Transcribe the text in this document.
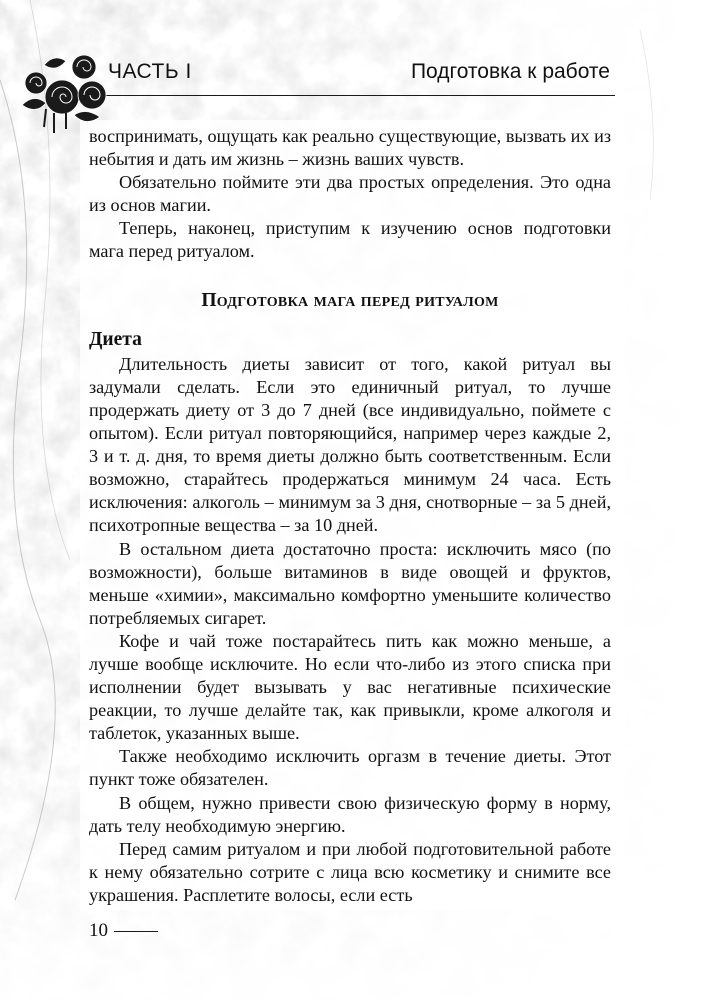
ЧАСТЬ I	Подготовка к работе

воспринимать, ощущать как реально существующие, вызвать их из небытия и дать им жизнь – жизнь ваших чувств.

Обязательно поймите эти два простых определения. Это одна из основ магии.

Теперь, наконец, приступим к изучению основ подготовки мага перед ритуалом.

Подготовка мага перед ритуалом
Диета

Длительность диеты зависит от того, какой ритуал вы задумали сделать. Если это единичный ритуал, то лучше продержать диету от 3 до 7 дней (все индивидуально, поймете с опытом). Если ритуал повторяющийся, например через каждые 2, 3 и т. д. дня, то время диеты должно быть соответственным. Если возможно, старайтесь продержаться минимум 24 часа. Есть исключения: алкоголь – минимум за 3 дня, снотворные – за 5 дней, психотропные вещества – за 10 дней.

В остальном диета достаточно проста: исключить мясо (по возможности), больше витаминов в виде овощей и фруктов, меньше «химии», максимально комфортно уменьшите количество потребляемых сигарет.

Кофе и чай тоже постарайтесь пить как можно меньше, а лучше вообще исключите. Но если что-либо из этого списка при исполнении будет вызывать у вас негативные психические реакции, то лучше делайте так, как привыкли, кроме алкоголя и таблеток, указанных выше.

Также необходимо исключить оргазм в течение диеты. Этот пункт тоже обязателен.

В общем, нужно привести свою физическую форму в норму, дать телу необходимую энергию.

Перед самим ритуалом и при любой подготовительной работе к нему обязательно сотрите с лица всю косметику и снимите все украшения. Расплетите волосы, если есть

10
